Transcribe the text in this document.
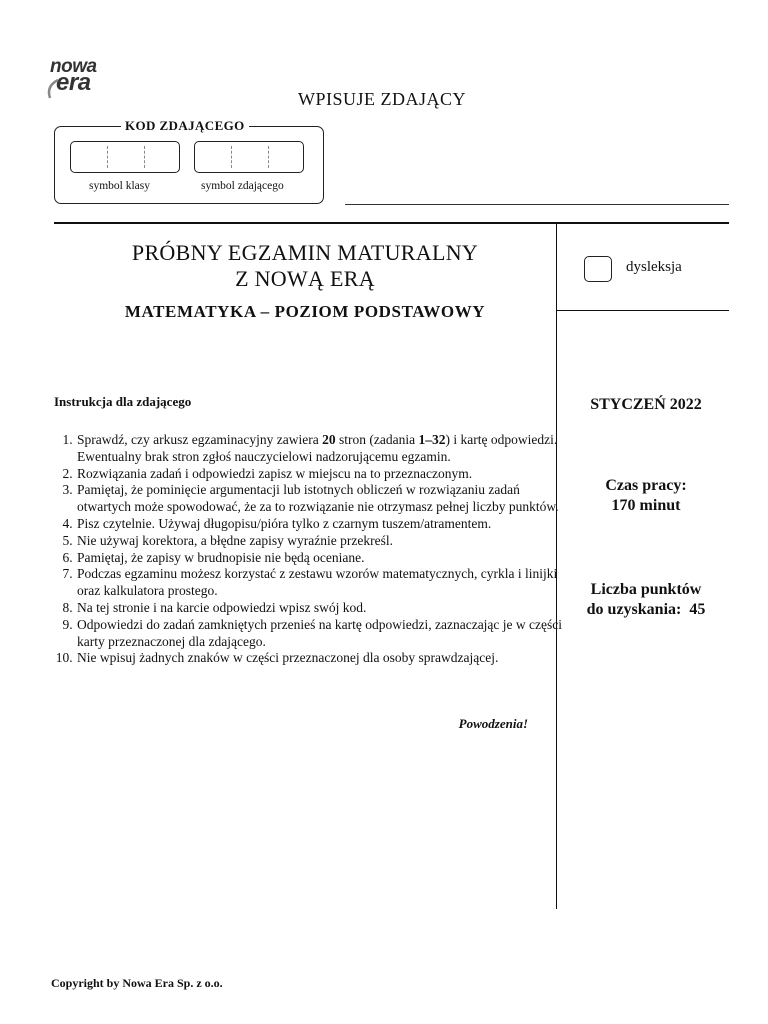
nowa
era
WPISUJE ZDAJĄCY
KOD ZDAJĄCEGO
symbol klasy	symbol zdającego
PRÓBNY EGZAMIN MATURALNY
Z NOWĄ ERĄ
MATEMATYKA – POZIOM PODSTAWOWY
dysleksja
Instrukcja dla zdającego
1. Sprawdź, czy arkusz egzaminacyjny zawiera 20 stron (zadania 1–32) i kartę odpowiedzi. Ewentualny brak stron zgłoś nauczycielowi nadzorującemu egzamin.
2. Rozwiązania zadań i odpowiedzi zapisz w miejscu na to przeznaczonym.
3. Pamiętaj, że pominięcie argumentacji lub istotnych obliczeń w rozwiązaniu zadań otwartych może spowodować, że za to rozwiązanie nie otrzymasz pełnej liczby punktów.
4. Pisz czytelnie. Używaj długopisu/pióra tylko z czarnym tuszem/atramentem.
5. Nie używaj korektora, a błędne zapisy wyraźnie przekreśl.
6. Pamiętaj, że zapisy w brudnopisie nie będą oceniane.
7. Podczas egzaminu możesz korzystać z zestawu wzorów matematycznych, cyrkla i linijki oraz kalkulatora prostego.
8. Na tej stronie i na karcie odpowiedzi wpisz swój kod.
9. Odpowiedzi do zadań zamkniętych przenieś na kartę odpowiedzi, zaznaczając je w części karty przeznaczonej dla zdającego.
10. Nie wpisuj żadnych znaków w części przeznaczonej dla osoby sprawdzającej.
Powodzenia!
STYCZEŃ 2022
Czas pracy:
170 minut
Liczba punktów
do uzyskania:  45
Copyright by Nowa Era Sp. z o.o.
